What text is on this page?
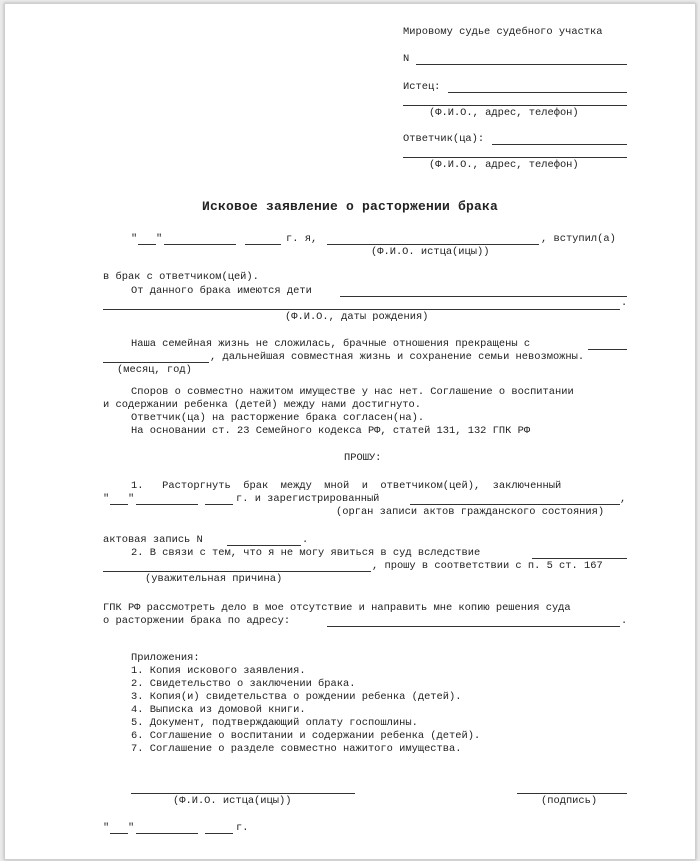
Мировому судье судебного участка
N
Истец:
(Ф.И.О., адрес, телефон)
Ответчик(ца):
(Ф.И.О., адрес, телефон)
Исковое заявление о расторжении брака
" "	г. я,	, вступил(а)
(Ф.И.О. истца(ицы))
в брак с ответчиком(цей).
От данного брака имеются дети
.
(Ф.И.О., даты рождения)
Наша семейная жизнь не сложилась, брачные отношения прекращены с
, дальнейшая совместная жизнь и сохранение семьи невозможны.
(месяц, год)
Споров о совместно нажитом имуществе у нас нет. Соглашение о воспитании
и содержании ребенка (детей) между нами достигнуто.
Ответчик(ца) на расторжение брака согласен(на).
На основании ст. 23 Семейного кодекса РФ, статей 131, 132 ГПК РФ
ПРОШУ:
1.   Расторгнуть  брак  между  мной  и  ответчиком(цей),  заключенный
" "	г. и зарегистрированный	,
(орган записи актов гражданского состояния)
актовая запись N	.
2. В связи с тем, что я не могу явиться в суд вследствие
, прошу в соответствии с п. 5 ст. 167
(уважительная причина)
ГПК РФ рассмотреть дело в мое отсутствие и направить мне копию решения суда
о расторжении брака по адресу:	.
Приложения:
1. Копия искового заявления.
2. Свидетельство о заключении брака.
3. Копия(и) свидетельства о рождении ребенка (детей).
4. Выписка из домовой книги.
5. Документ, подтверждающий оплату госпошлины.
6. Соглашение о воспитании и содержании ребенка (детей).
7. Соглашение о разделе совместно нажитого имущества.
(Ф.И.О. истца(ицы))	(подпись)
" "	г.
